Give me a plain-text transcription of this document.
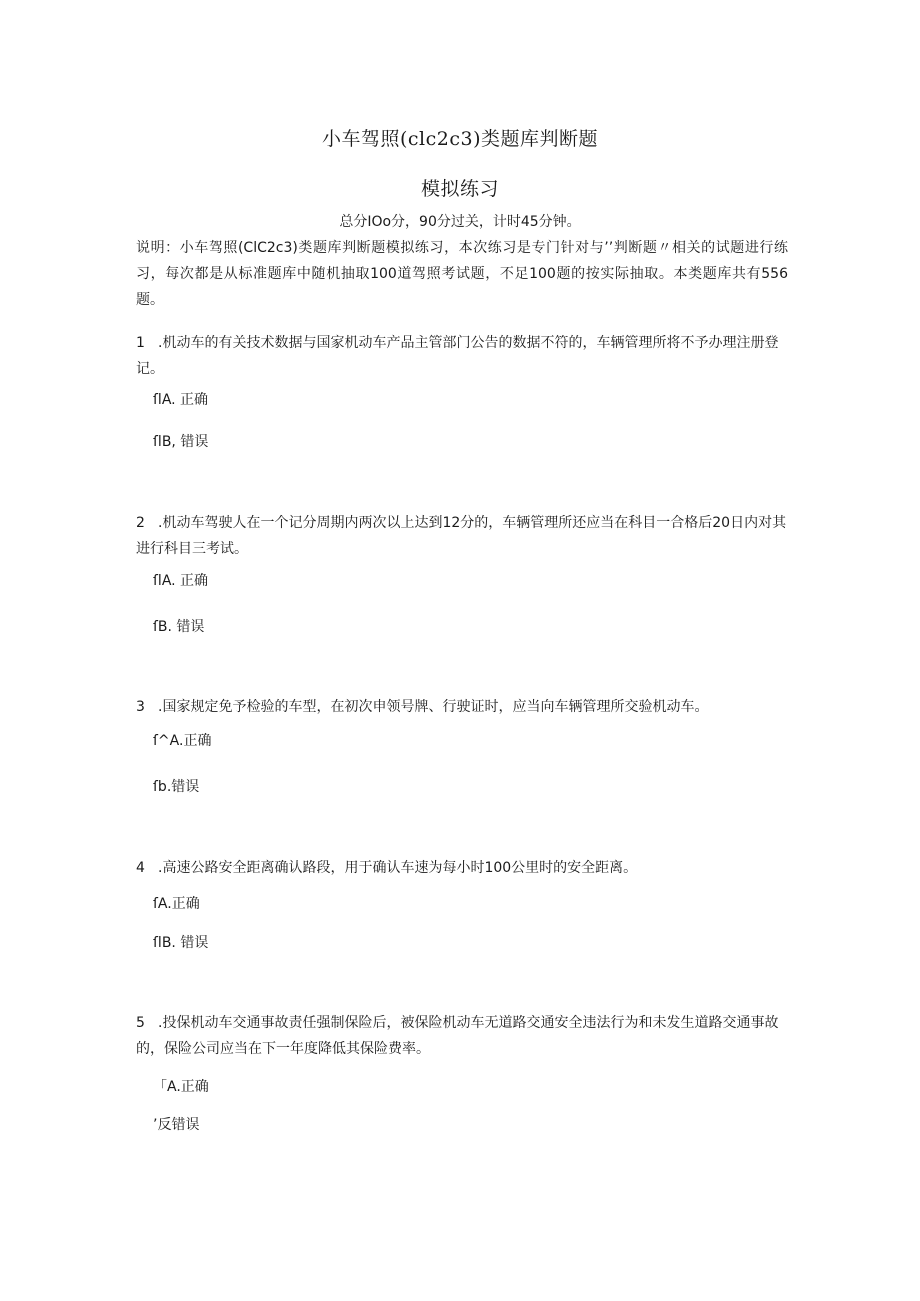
小车驾照(clc2c3)类题库判断题
模拟练习
总分IOo分，90分过关，计时45分钟。
说明：小车驾照(ClC2c3)类题库判断题模拟练习，本次练习是专门针对与’’判断题〃相关的试题进行练习，每次都是从标准题库中随机抽取100道驾照考试题，不足100题的按实际抽取。本类题库共有556题。
1 .机动车的有关技术数据与国家机动车产品主管部门公告的数据不符的，车辆管理所将不予办理注册登记。
ſlA. 正确
ſlB, 错误
2 .机动车驾驶人在一个记分周期内两次以上达到12分的，车辆管理所还应当在科目一合格后20日内对其进行科目三考试。
ſlA. 正确
ſB. 错误
3 .国家规定免予检验的车型，在初次申领号牌、行驶证时，应当向车辆管理所交验机动车。
ſ^A.正确
ſb.错误
4 .高速公路安全距离确认路段，用于确认车速为每小时100公里时的安全距离。
ſA.正确
ſlB. 错误
5 .投保机动车交通事故责任强制保险后，被保险机动车无道路交通安全违法行为和未发生道路交通事故的，保险公司应当在下一年度降低其保险费率。
「A.正确
’反错误
